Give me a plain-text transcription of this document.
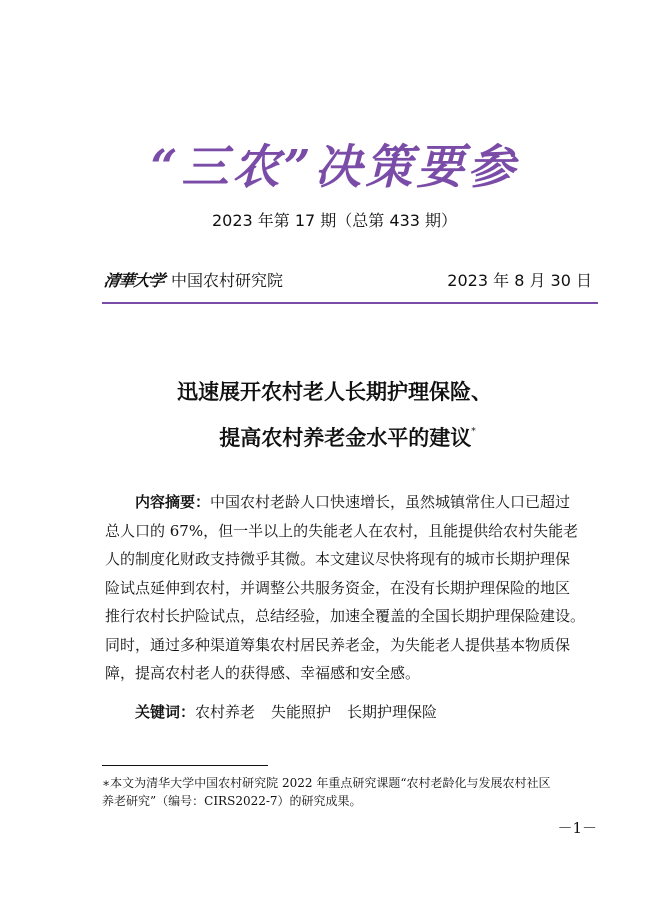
“三农”决策要参
2023 年第 17 期（总第 433 期）
清華大学 中国农村研究院	2023 年 8 月 30 日
迅速展开农村老人长期护理保险、
提高农村养老金水平的建议*
内容摘要：中国农村老龄人口快速增长，虽然城镇常住人口已超过
总人口的 67%，但一半以上的失能老人在农村，且能提供给农村失能老
人的制度化财政支持微乎其微。本文建议尽快将现有的城市长期护理保
险试点延伸到农村，并调整公共服务资金，在没有长期护理保险的地区
推行农村长护险试点，总结经验，加速全覆盖的全国长期护理保险建设。
同时，通过多种渠道筹集农村居民养老金，为失能老人提供基本物质保
障，提高农村老人的获得感、幸福感和安全感。
关键词：农村养老 失能照护 长期护理保险
∗本文为清华大学中国农村研究院 2022 年重点研究课题“农村老龄化与发展农村社区
养老研究”（编号：CIRS2022-7）的研究成果。
－1－
